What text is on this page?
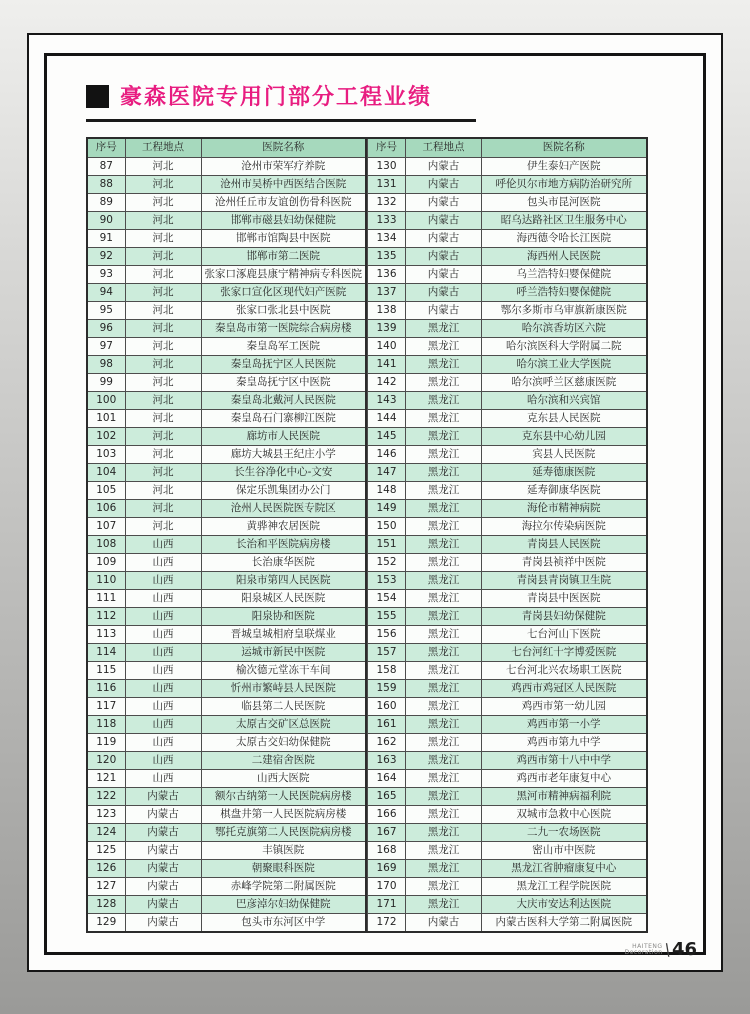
豪森医院专用门部分工程业绩
序号	工程地点	医院名称
87	河北	沧州市荣军疗养院
88	河北	沧州市吴桥中西医结合医院
89	河北	沧州任丘市友谊创伤骨科医院
90	河北	邯郸市磁县妇幼保健院
91	河北	邯郸市馆陶县中医院
92	河北	邯郸市第二医院
93	河北	张家口涿鹿县康宁精神病专科医院
94	河北	张家口宣化区现代妇产医院
95	河北	张家口张北县中医院
96	河北	秦皇岛市第一医院综合病房楼
97	河北	秦皇岛军工医院
98	河北	秦皇岛抚宁区人民医院
99	河北	秦皇岛抚宁区中医院
100	河北	秦皇岛北戴河人民医院
101	河北	秦皇岛石门寨柳江医院
102	河北	廊坊市人民医院
103	河北	廊坊大城县王纪庄小学
104	河北	长生谷净化中心-文安
105	河北	保定乐凯集团办公门
106	河北	沧州人民医院医专院区
107	河北	黄骅神农居医院
108	山西	长治和平医院病房楼
109	山西	长治康华医院
110	山西	阳泉市第四人民医院
111	山西	阳泉城区人民医院
112	山西	阳泉协和医院
113	山西	晋城皇城相府皇联煤业
114	山西	运城市新民中医院
115	山西	榆次德元堂冻干车间
116	山西	忻州市繁峙县人民医院
117	山西	临县第二人民医院
118	山西	太原古交矿区总医院
119	山西	太原古交妇幼保健院
120	山西	二建宿舍医院
121	山西	山西大医院
122	内蒙古	额尔古纳第一人民医院病房楼
123	内蒙古	棋盘井第一人民医院病房楼
124	内蒙古	鄂托克旗第二人民医院病房楼
125	内蒙古	丰镇医院
126	内蒙古	朝聚眼科医院
127	内蒙古	赤峰学院第二附属医院
128	内蒙古	巴彦淖尔妇幼保健院
129	内蒙古	包头市东河区中学
序号	工程地点	医院名称
130	内蒙古	伊生泰妇产医院
131	内蒙古	呼伦贝尔市地方病防治研究所
132	内蒙古	包头市昆河医院
133	内蒙古	昭乌达路社区卫生服务中心
134	内蒙古	海西德令哈长江医院
135	内蒙古	海西州人民医院
136	内蒙古	乌兰浩特妇婴保健院
137	内蒙古	呼兰浩特妇婴保健院
138	内蒙古	鄂尔多斯市乌审旗新康医院
139	黑龙江	哈尔滨香坊区六院
140	黑龙江	哈尔滨医科大学附属二院
141	黑龙江	哈尔滨工业大学医院
142	黑龙江	哈尔滨呼兰区慈康医院
143	黑龙江	哈尔滨和兴宾馆
144	黑龙江	克东县人民医院
145	黑龙江	克东县中心幼儿园
146	黑龙江	宾县人民医院
147	黑龙江	延寿德康医院
148	黑龙江	延寿御康华医院
149	黑龙江	海伦市精神病院
150	黑龙江	海拉尔传染病医院
151	黑龙江	青岗县人民医院
152	黑龙江	青岗县祯祥中医院
153	黑龙江	青岗县青岗镇卫生院
154	黑龙江	青岗县中医医院
155	黑龙江	青岗县妇幼保健院
156	黑龙江	七台河山下医院
157	黑龙江	七台河红十字博爱医院
158	黑龙江	七台河北兴农场职工医院
159	黑龙江	鸡西市鸡冠区人民医院
160	黑龙江	鸡西市第一幼儿园
161	黑龙江	鸡西市第一小学
162	黑龙江	鸡西市第九中学
163	黑龙江	鸡西市第十八中中学
164	黑龙江	鸡西市老年康复中心
165	黑龙江	黑河市精神病福利院
166	黑龙江	双城市急救中心医院
167	黑龙江	二九一农场医院
168	黑龙江	密山市中医院
169	黑龙江	黑龙江省肿瘤康复中心
170	黑龙江	黑龙江工程学院医院
171	黑龙江	大庆市安达利达医院
172	内蒙古	内蒙古医科大学第二附属医院
HAITENG
Decoration \ 46
